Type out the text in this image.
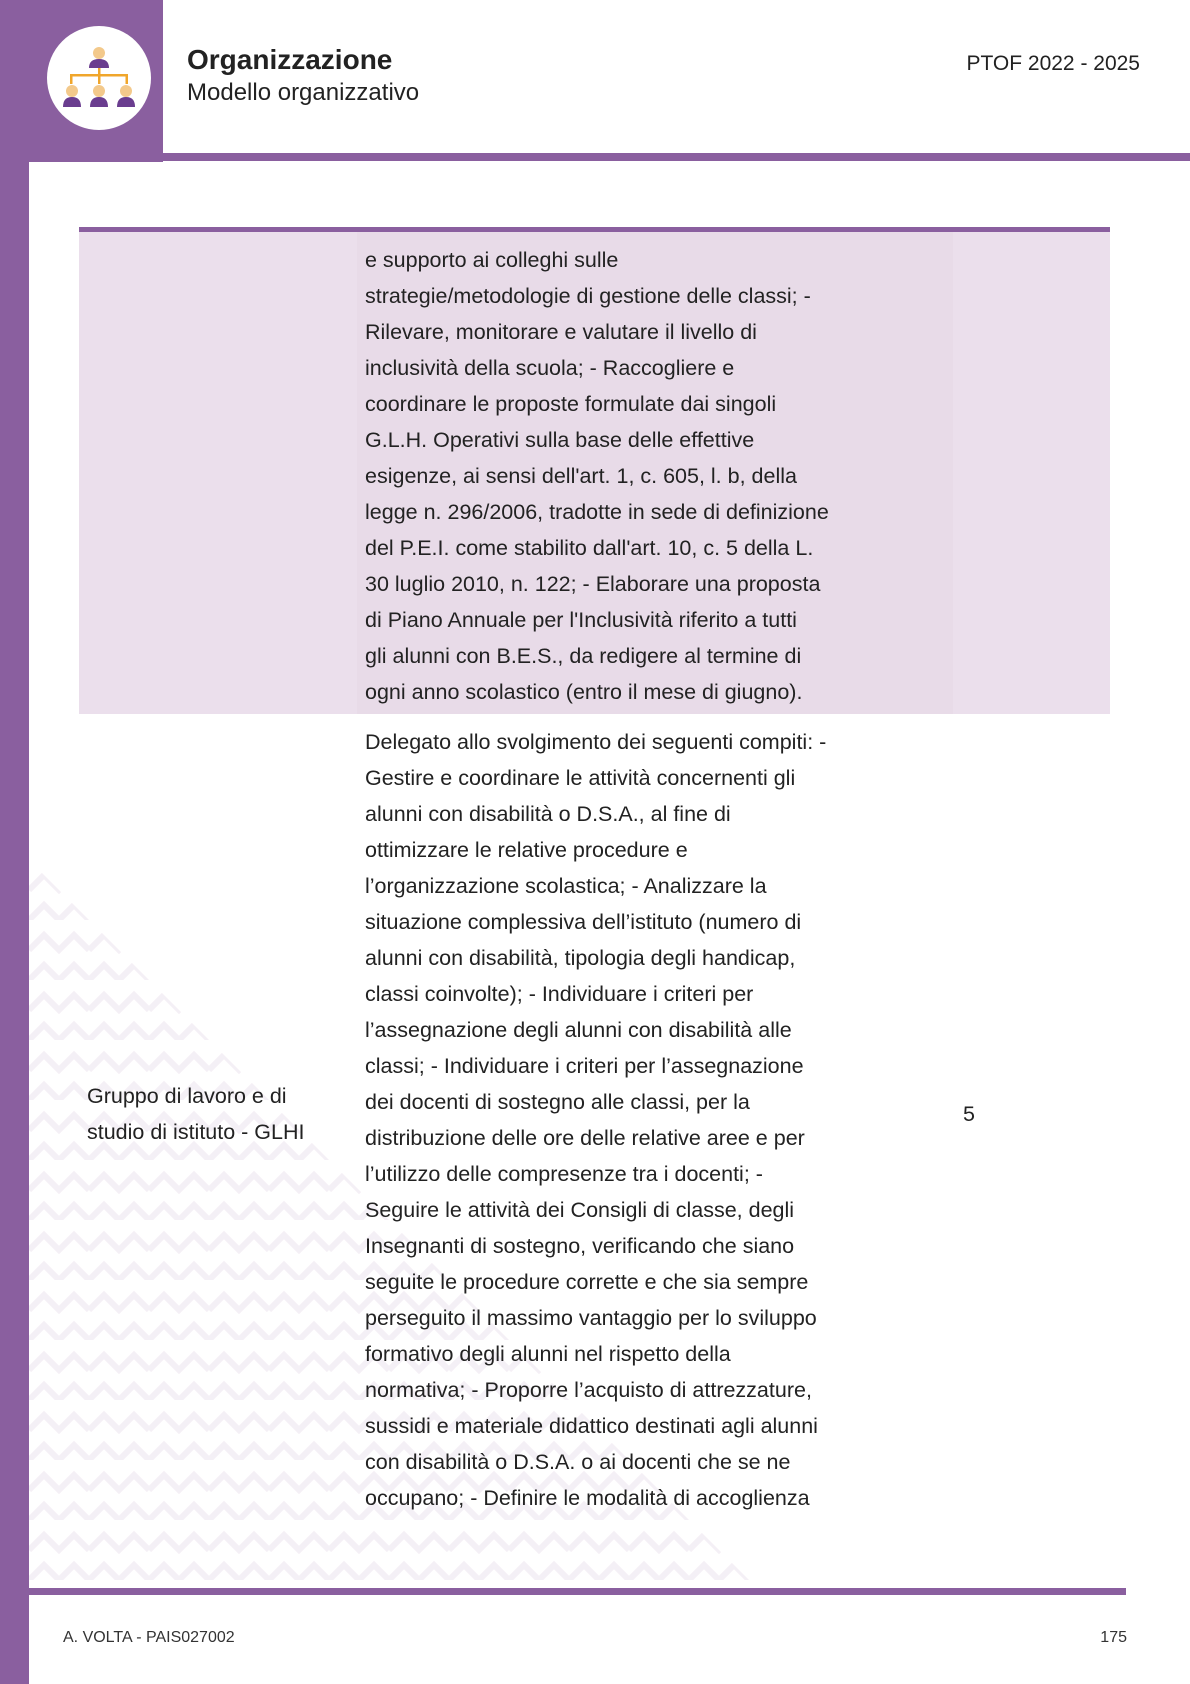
Organizzazione
Modello organizzativo
PTOF 2022 - 2025
e supporto ai colleghi sulle
strategie/metodologie di gestione delle classi; -
Rilevare, monitorare e valutare il livello di
inclusività della scuola; - Raccogliere e
coordinare le proposte formulate dai singoli
G.L.H. Operativi sulla base delle effettive
esigenze, ai sensi dell'art. 1, c. 605, l. b, della
legge n. 296/2006, tradotte in sede di definizione
del P.E.I. come stabilito dall'art. 10, c. 5 della L.
30 luglio 2010, n. 122; - Elaborare una proposta
di Piano Annuale per l'Inclusività riferito a tutti
gli alunni con B.E.S., da redigere al termine di
ogni anno scolastico (entro il mese di giugno).
Gruppo di lavoro e di
studio di istituto - GLHI
Delegato allo svolgimento dei seguenti compiti: -
Gestire e coordinare le attività concernenti gli
alunni con disabilità o D.S.A., al fine di
ottimizzare le relative procedure e
l’organizzazione scolastica; - Analizzare la
situazione complessiva dell’istituto (numero di
alunni con disabilità, tipologia degli handicap,
classi coinvolte); - Individuare i criteri per
l’assegnazione degli alunni con disabilità alle
classi; - Individuare i criteri per l’assegnazione
dei docenti di sostegno alle classi, per la
distribuzione delle ore delle relative aree e per
l’utilizzo delle compresenze tra i docenti; -
Seguire le attività dei Consigli di classe, degli
Insegnanti di sostegno, verificando che siano
seguite le procedure corrette e che sia sempre
perseguito il massimo vantaggio per lo sviluppo
formativo degli alunni nel rispetto della
normativa; - Proporre l’acquisto di attrezzature,
sussidi e materiale didattico destinati agli alunni
con disabilità o D.S.A. o ai docenti che se ne
occupano; - Definire le modalità di accoglienza
5
A. VOLTA - PAIS027002	175
